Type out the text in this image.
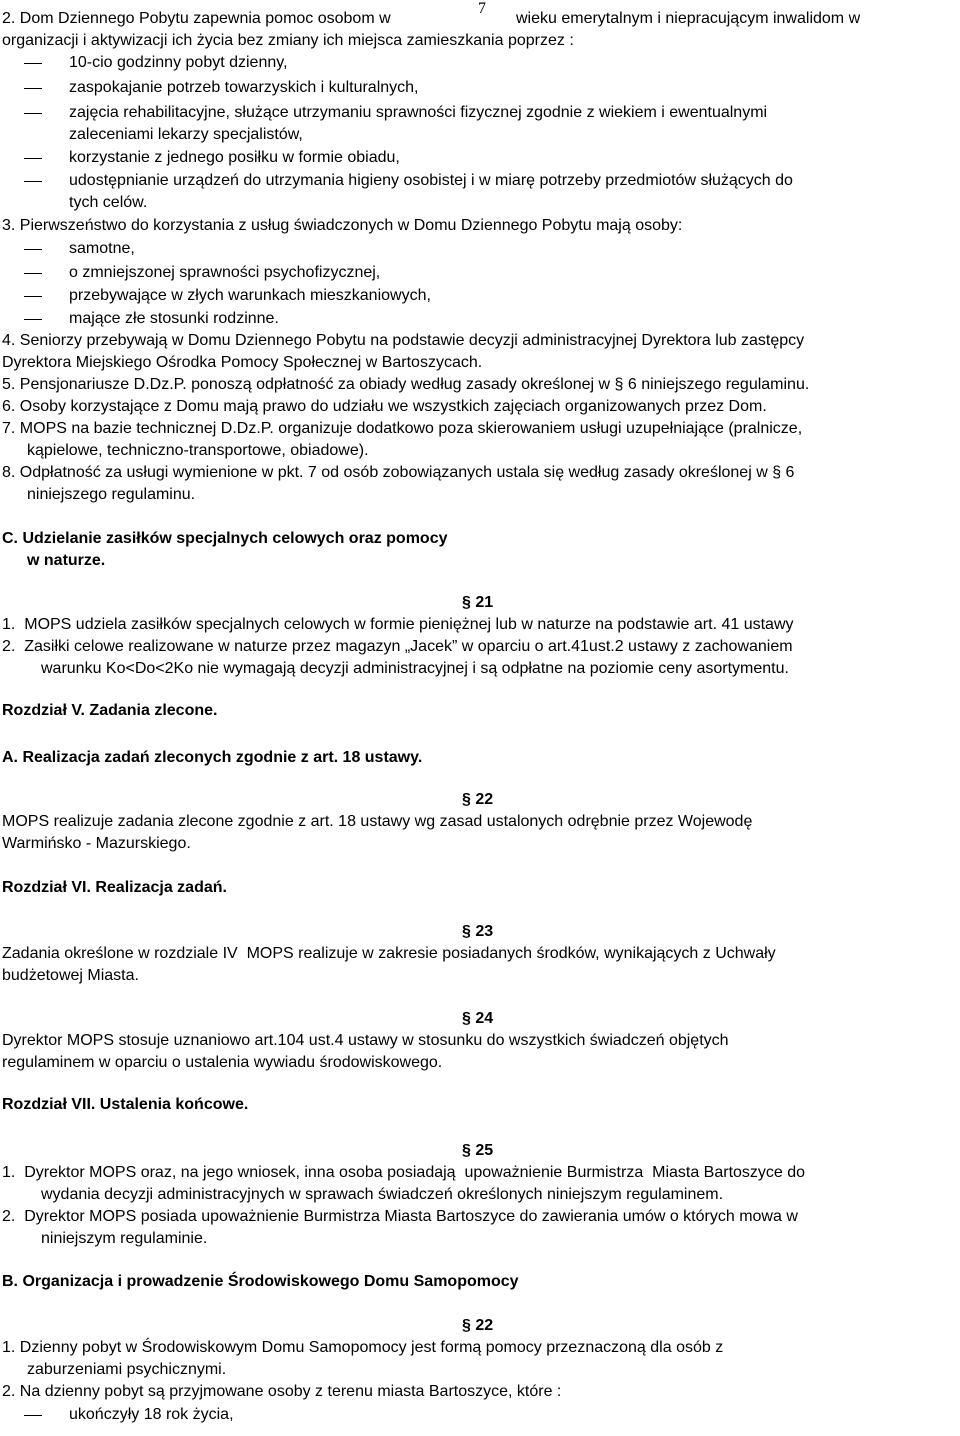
7
2. Dom Dziennego Pobytu zapewnia pomoc osobom w	wieku emerytalnym i niepracującym inwalidom w
organizacji i aktywizacji ich życia bez zmiany ich miejsca zamieszkania poprzez :
10-cio godzinny pobyt dzienny,
zaspokajanie potrzeb towarzyskich i kulturalnych,
zajęcia rehabilitacyjne, służące utrzymaniu sprawności fizycznej zgodnie z wiekiem i ewentualnymi
zaleceniami lekarzy specjalistów,
korzystanie z jednego posiłku w formie obiadu,
udostępnianie urządzeń do utrzymania higieny osobistej i w miarę potrzeby przedmiotów służących do
tych celów.
3. Pierwszeństwo do korzystania z usług świadczonych w Domu Dziennego Pobytu mają osoby:
samotne,
o zmniejszonej sprawności psychofizycznej,
przebywające w złych warunkach mieszkaniowych,
mające złe stosunki rodzinne.
4. Seniorzy przebywają w Domu Dziennego Pobytu na podstawie decyzji administracyjnej Dyrektora lub zastępcy
Dyrektora Miejskiego Ośrodka Pomocy Społecznej w Bartoszycach.
5. Pensjonariusze D.Dz.P. ponoszą odpłatność za obiady według zasady określonej w § 6 niniejszego regulaminu.
6. Osoby korzystające z Domu mają prawo do udziału we wszystkich zajęciach organizowanych przez Dom.
7. MOPS na bazie technicznej D.Dz.P. organizuje dodatkowo poza skierowaniem usługi uzupełniające (pralnicze,
kąpielowe, techniczno-transportowe, obiadowe).
8. Odpłatność za usługi wymienione w pkt. 7 od osób zobowiązanych ustala się według zasady określonej w § 6
niniejszego regulaminu.
C. Udzielanie zasiłków specjalnych celowych oraz pomocy
w naturze.
§ 21
1.  MOPS udziela zasiłków specjalnych celowych w formie pieniężnej lub w naturze na podstawie art. 41 ustawy
2.  Zasiłki celowe realizowane w naturze przez magazyn „Jacek” w oparciu o art.41ust.2 ustawy z zachowaniem
warunku Ko<Do<2Ko nie wymagają decyzji administracyjnej i są odpłatne na poziomie ceny asortymentu.
Rozdział V. Zadania zlecone.
A. Realizacja zadań zleconych zgodnie z art. 18 ustawy.
§ 22
MOPS realizuje zadania zlecone zgodnie z art. 18 ustawy wg zasad ustalonych odrębnie przez Wojewodę
Warmińsko - Mazurskiego.
Rozdział VI. Realizacja zadań.
§ 23
Zadania określone w rozdziale IV  MOPS realizuje w zakresie posiadanych środków, wynikających z Uchwały
budżetowej Miasta.
§ 24
Dyrektor MOPS stosuje uznaniowo art.104 ust.4 ustawy w stosunku do wszystkich świadczeń objętych
regulaminem w oparciu o ustalenia wywiadu środowiskowego.
Rozdział VII. Ustalenia końcowe.
§ 25
1.  Dyrektor MOPS oraz, na jego wniosek, inna osoba posiadają  upoważnienie Burmistrza  Miasta Bartoszyce do
wydania decyzji administracyjnych w sprawach świadczeń określonych niniejszym regulaminem.
2.  Dyrektor MOPS posiada upoważnienie Burmistrza Miasta Bartoszyce do zawierania umów o których mowa w
niniejszym regulaminie.
B. Organizacja i prowadzenie Środowiskowego Domu Samopomocy
§ 22
1. Dzienny pobyt w Środowiskowym Domu Samopomocy jest formą pomocy przeznaczoną dla osób z
zaburzeniami psychicznymi.
2. Na dzienny pobyt są przyjmowane osoby z terenu miasta Bartoszyce, które :
ukończyły 18 rok życia,
